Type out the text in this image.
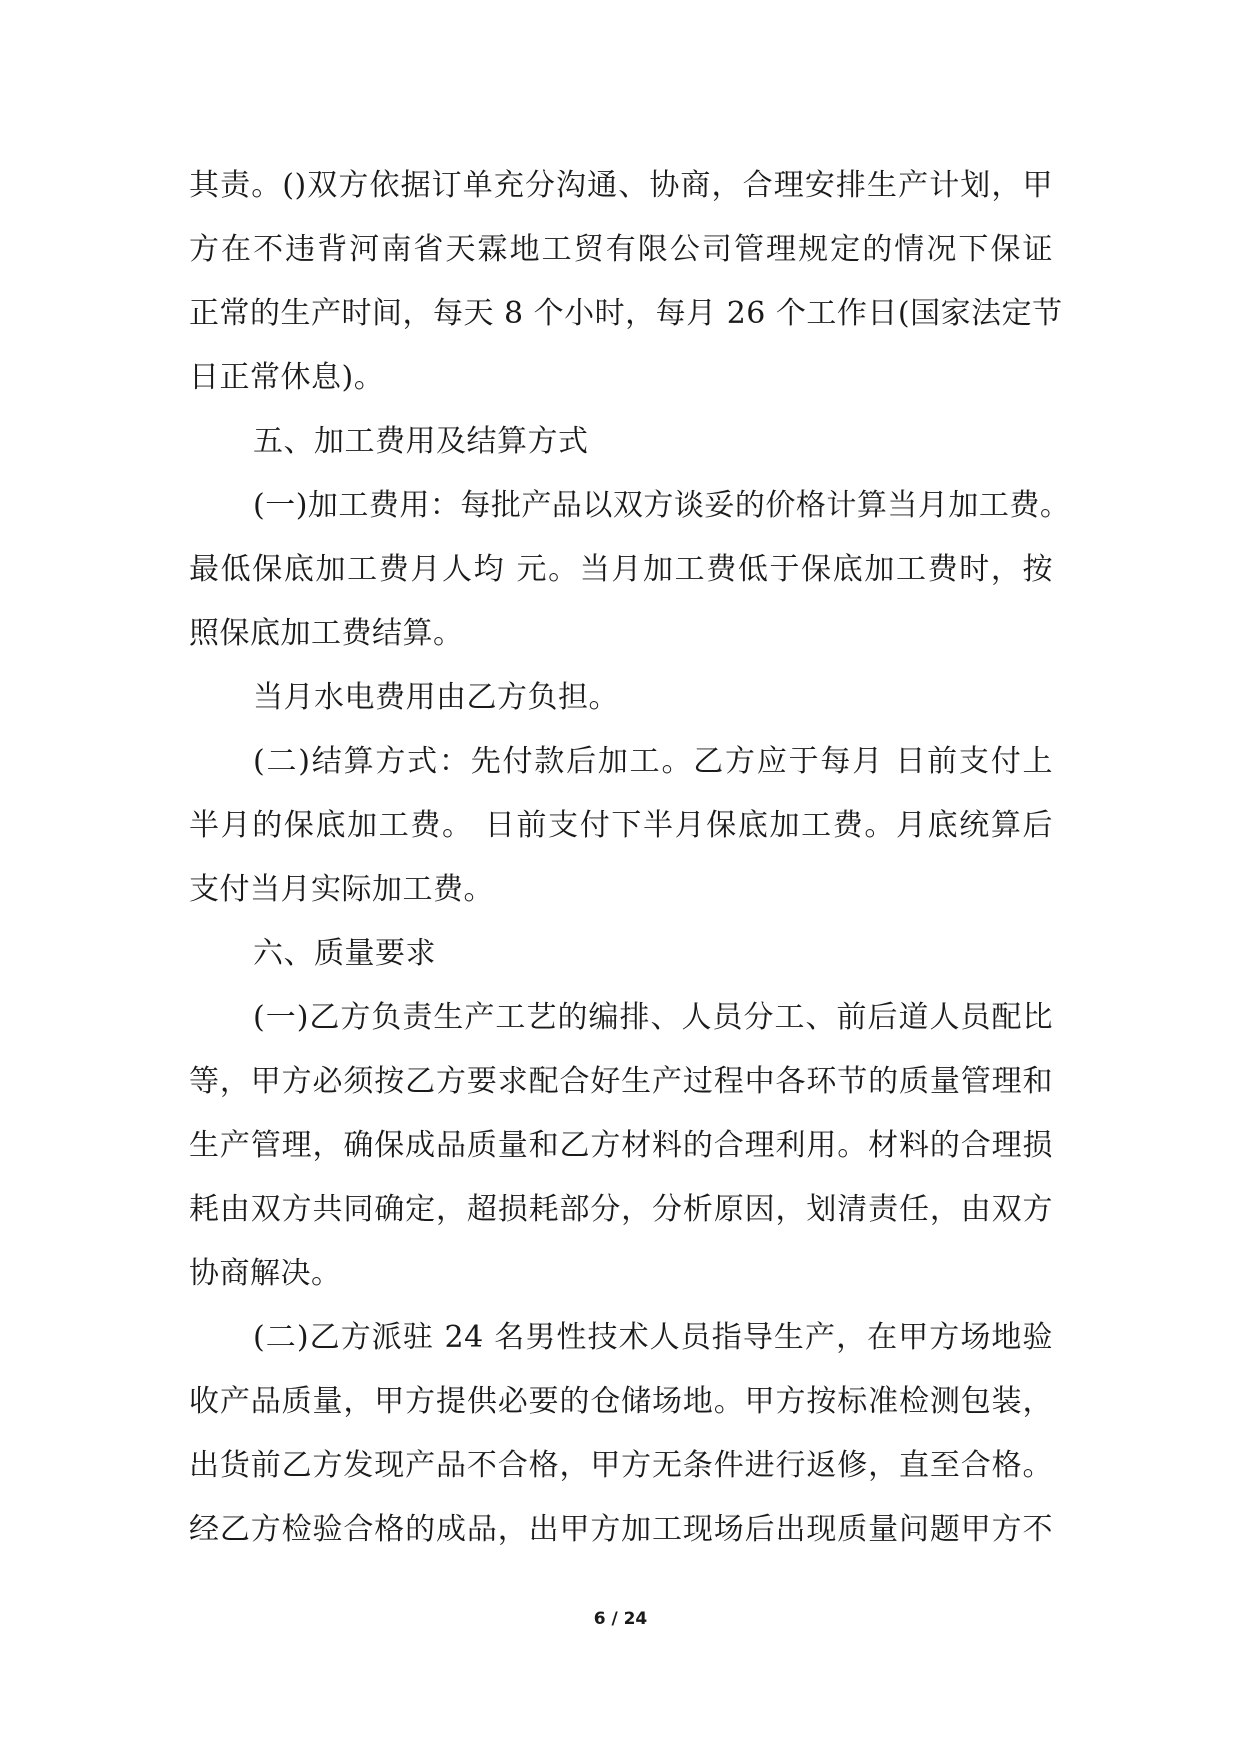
其责。()双方依据订单充分沟通、协商，合理安排生产计划，甲
方在不违背河南省天霖地工贸有限公司管理规定的情况下保证
正常的生产时间，每天 8 个小时，每月 26 个工作日(国家法定节
日正常休息)。
五、加工费用及结算方式
(一)加工费用：每批产品以双方谈妥的价格计算当月加工费。
最低保底加工费月人均 元。当月加工费低于保底加工费时，按
照保底加工费结算。
当月水电费用由乙方负担。
(二)结算方式：先付款后加工。乙方应于每月 日前支付上
半月的保底加工费。 日前支付下半月保底加工费。月底统算后
支付当月实际加工费。
六、质量要求
(一)乙方负责生产工艺的编排、人员分工、前后道人员配比
等，甲方必须按乙方要求配合好生产过程中各环节的质量管理和
生产管理，确保成品质量和乙方材料的合理利用。材料的合理损
耗由双方共同确定，超损耗部分，分析原因，划清责任，由双方
协商解决。
(二)乙方派驻 24 名男性技术人员指导生产，在甲方场地验
收产品质量，甲方提供必要的仓储场地。甲方按标准检测包装，
出货前乙方发现产品不合格，甲方无条件进行返修，直至合格。
经乙方检验合格的成品，出甲方加工现场后出现质量问题甲方不
6 / 24
